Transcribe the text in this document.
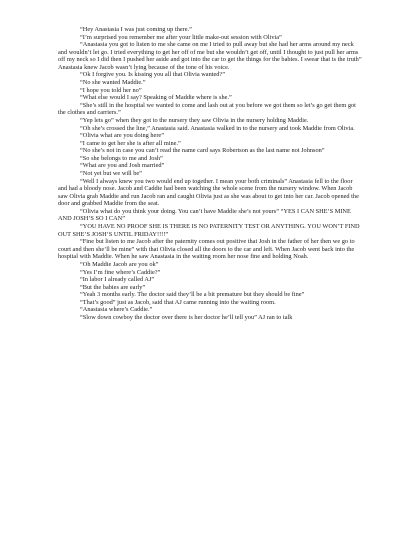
“Hey Anastasia I was just coming up there.”

“I’m surprised you remember me after your little make-out session with Olivia”

“Anastasia you got to listen to me she came on me I tried to pull away but she had her arms around my neck and wouldn’t let go. I tried everything to get her off of me but she wouldn’t get off, until I thought to just pull her arms off my neck so I did then I pushed her aside and got into the car to get the things for the babies. I swear that is the truth” Anastasia knew Jacob wasn’t lying because of the tone of his voice.

“Ok I forgive you. Is kissing you all that Olivia wanted?”

“No she wanted Maddie.”

“I hope you told her no”

“What else would I say? Speaking of Maddie where is she.”

“She’s still in the hospital we wanted to come and lash out at you before we got them so let’s go get them got the clothes and carriers.”

“Yep lets go” when they got to the nursery they saw Olivia in the nursery holding Maddie.

“Oh she’s crossed the line,” Anastasia said. Anastasia walked in to the nursery and took Maddie from Olivia.

“Olivia what are you doing here”

“I came to get her she is after all mine.”

“No she’s not in case you can’t read the name card says Robertson as the last name not Johnson”

“So she belongs to me and Josh”

“What are you and Josh married”

“Not yet but we will be”

“Well I always knew you two would end up together. I mean your both criminals” Anastasia fell to the floor and had a bloody nose. Jacob and Caddie had been watching the whole scene from the nursery window. When Jacob saw Olivia grab Maddie and run Jacob ran and caught Olivia just as she was about to get into her car. Jacob opened the door and grabbed Maddie from the seat.

“Olivia what do you think your doing. You can’t have Maddie she’s not yours” “YES I CAN SHE’S MINE AND JOSH’S SO I CAN”

“YOU HAVE NO PROOF SHE IS THERE IS NO PATERNITY TEST OR ANYTHING. YOU WON’T FIND OUT SHE’S JOSH’S UNTIL FRIDAY!!!!”

“Fine but listen to me Jacob after the paternity comes out positive that Josh in the father of her then we go to court and then she’ll be mine” with that Olivia closed all the doors to the car and left. When Jacob went back into the hospital with Maddie. When he saw Anastasia in the waiting room her nose fine and holding Noah.

“Oh Maddie Jacob are you ok”

“Yes I’m fine where’s Caddie?”

“In labor I already called AJ”

“But the babies are early”

“Yeah 3 months early. The doctor said they’ll be a bit premature but they should be fine”

“That’s good” just as Jacob, said that AJ came running into the waiting room.

“Anastasia where’s Caddie.”

“Slow down cowboy the doctor over there is her doctor he’ll tell you” AJ ran to talk
